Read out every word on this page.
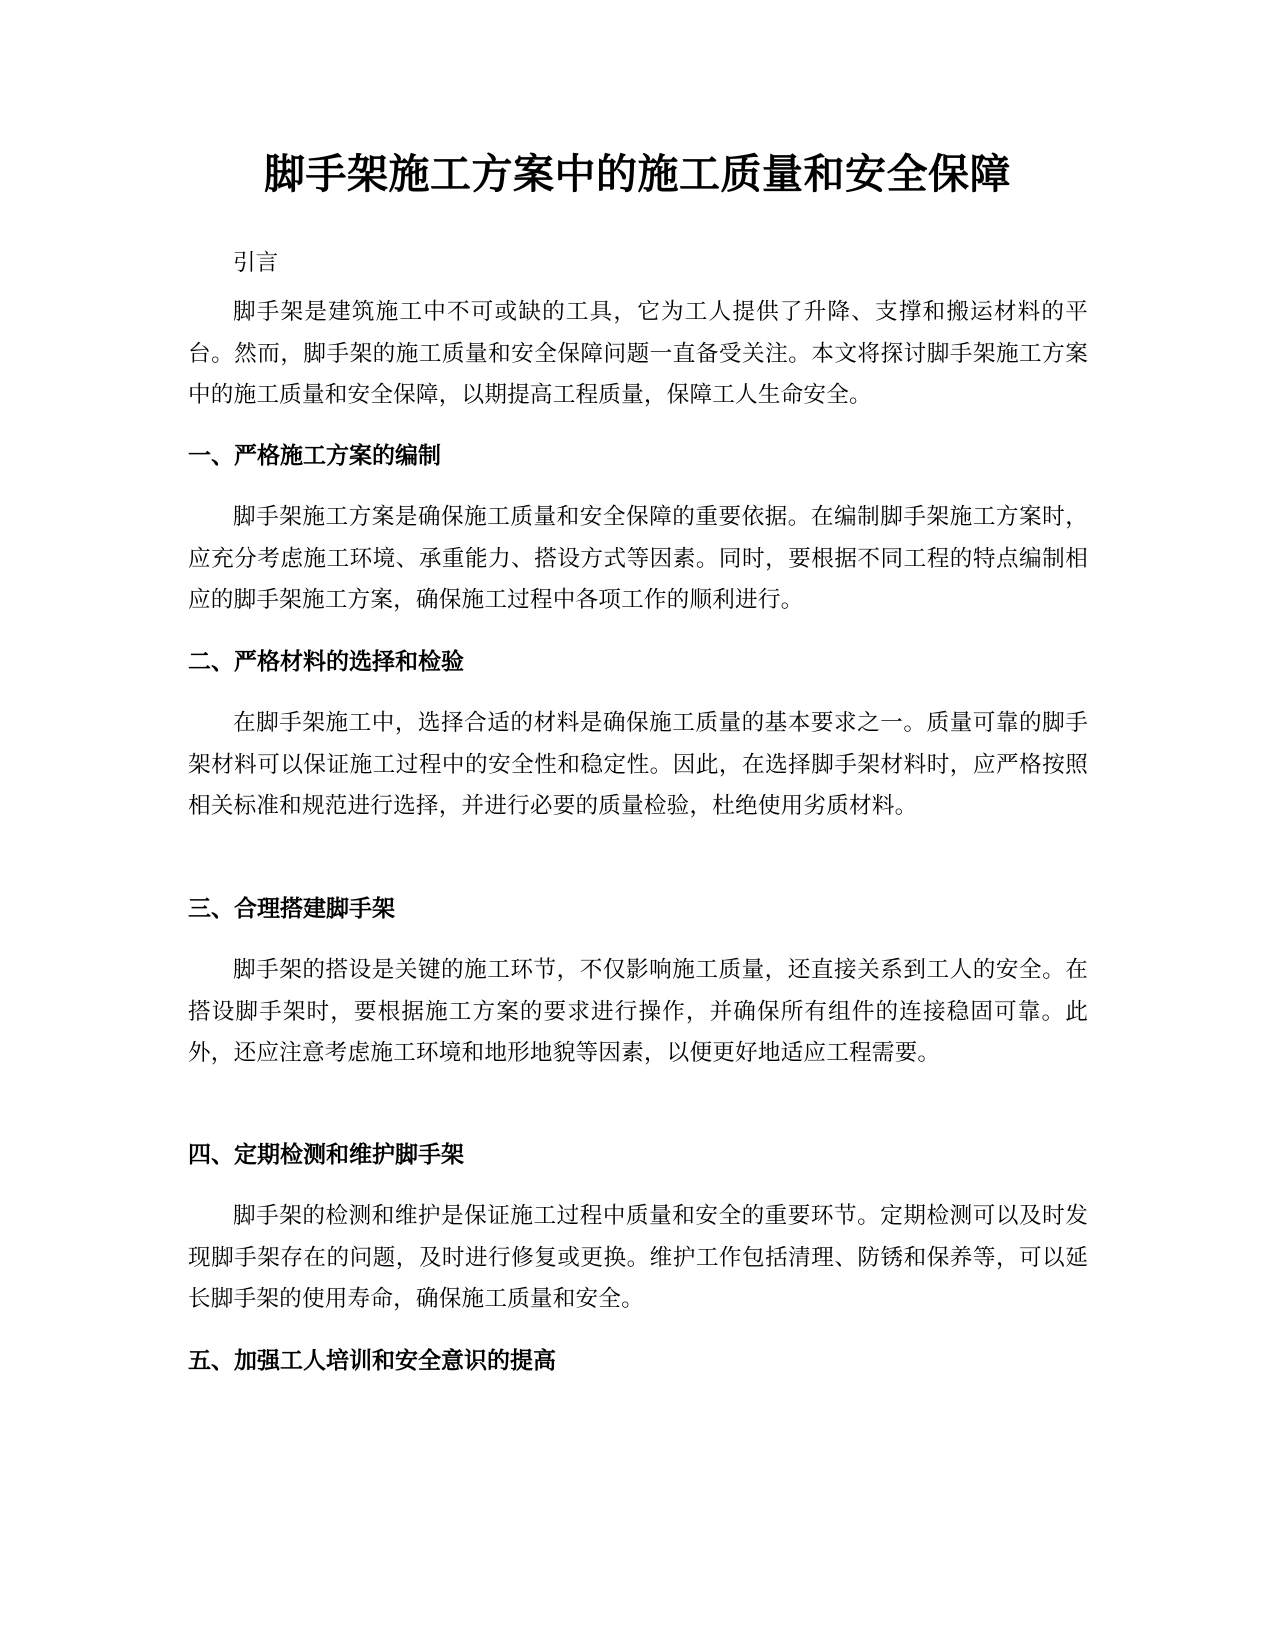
脚手架施工方案中的施工质量和安全保障
引言

脚手架是建筑施工中不可或缺的工具，它为工人提供了升降、支撑和搬运材料的平台。然而，脚手架的施工质量和安全保障问题一直备受关注。本文将探讨脚手架施工方案中的施工质量和安全保障，以期提高工程质量，保障工人生命安全。

一、严格施工方案的编制

脚手架施工方案是确保施工质量和安全保障的重要依据。在编制脚手架施工方案时，应充分考虑施工环境、承重能力、搭设方式等因素。同时，要根据不同工程的特点编制相应的脚手架施工方案，确保施工过程中各项工作的顺利进行。

二、严格材料的选择和检验

在脚手架施工中，选择合适的材料是确保施工质量的基本要求之一。质量可靠的脚手架材料可以保证施工过程中的安全性和稳定性。因此，在选择脚手架材料时，应严格按照相关标准和规范进行选择，并进行必要的质量检验，杜绝使用劣质材料。

三、合理搭建脚手架

脚手架的搭设是关键的施工环节，不仅影响施工质量，还直接关系到工人的安全。在搭设脚手架时，要根据施工方案的要求进行操作，并确保所有组件的连接稳固可靠。此外，还应注意考虑施工环境和地形地貌等因素，以便更好地适应工程需要。

四、定期检测和维护脚手架

脚手架的检测和维护是保证施工过程中质量和安全的重要环节。定期检测可以及时发现脚手架存在的问题，及时进行修复或更换。维护工作包括清理、防锈和保养等，可以延长脚手架的使用寿命，确保施工质量和安全。

五、加强工人培训和安全意识的提高
